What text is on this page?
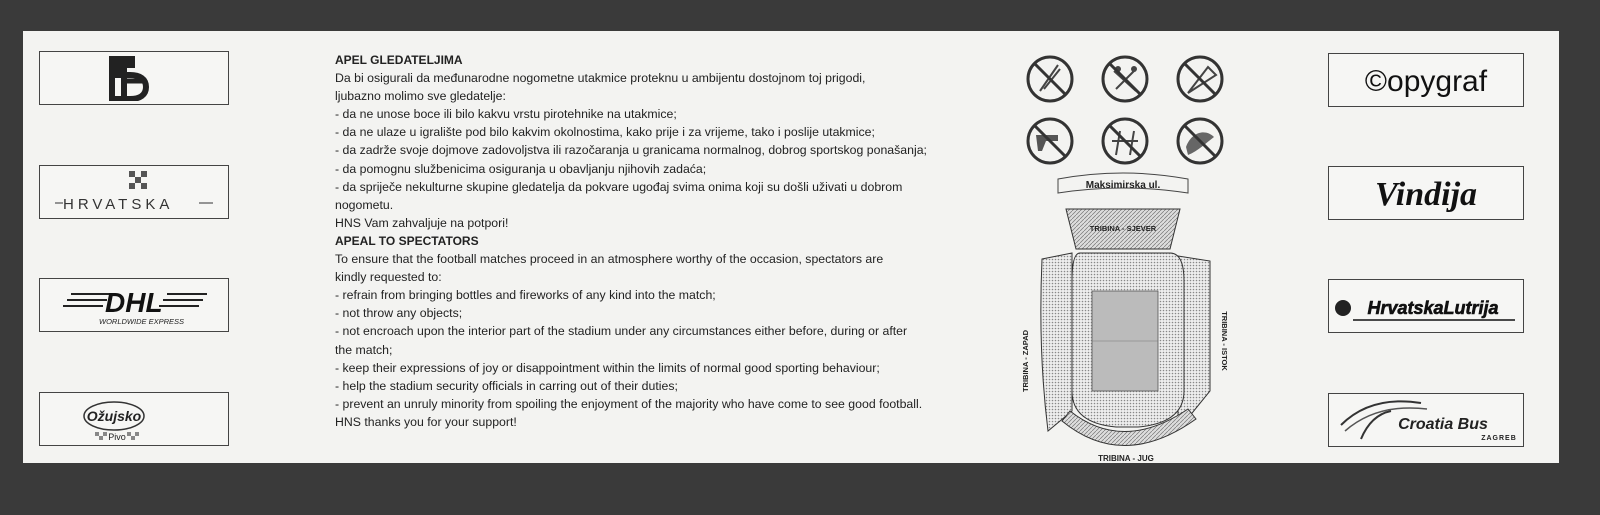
HRVATSKA
DHL
WORLDWIDE EXPRESS
Ožujsko
Pivo
APEL GLEDATELJIMA
Da bi osigurali da međunarodne nogometne utakmice proteknu u ambijentu dostojnom toj prigodi,
ljubazno molimo sve gledatelje:
- da ne unose boce ili bilo kakvu vrstu pirotehnike na utakmice;
- da ne ulaze u igralište pod bilo kakvim okolnostima, kako prije i za vrijeme, tako i poslije utakmice;
- da zadrže svoje dojmove zadovoljstva ili razočaranja u granicama normalnog, dobrog sportskog ponašanja;
- da pomognu službenicima osiguranja u obavljanju njihovih zadaća;
- da spriječe nekulturne skupine gledatelja da pokvare ugođaj svima onima koji su došli uživati u dobrom
nogometu.
HNS Vam zahvaljuje na potpori!
APEAL TO SPECTATORS
To ensure that the football matches proceed in an atmosphere worthy of the occasion, spectators are
kindly requested to:
- refrain from bringing bottles and fireworks of any kind into the match;
- not throw any objects;
- not encroach upon the interior part of the stadium under any circumstances either before, during or after
the match;
- keep their expressions of joy or disappointment within the limits of normal good sporting behaviour;
- help the stadium security officials in carring out of their duties;
- prevent an unruly minority from spoiling the enjoyment of the majority who have come to see good football.
HNS thanks you for your support!
Maksimirska ul.
TRIBINA - SJEVER
TRIBINA - ZAPAD	TRIBINA - ISTOK
TRIBINA - JUG
©opygraf
Vindija
HrvatskaLutrija
Croatia Bus
ZAGREB
